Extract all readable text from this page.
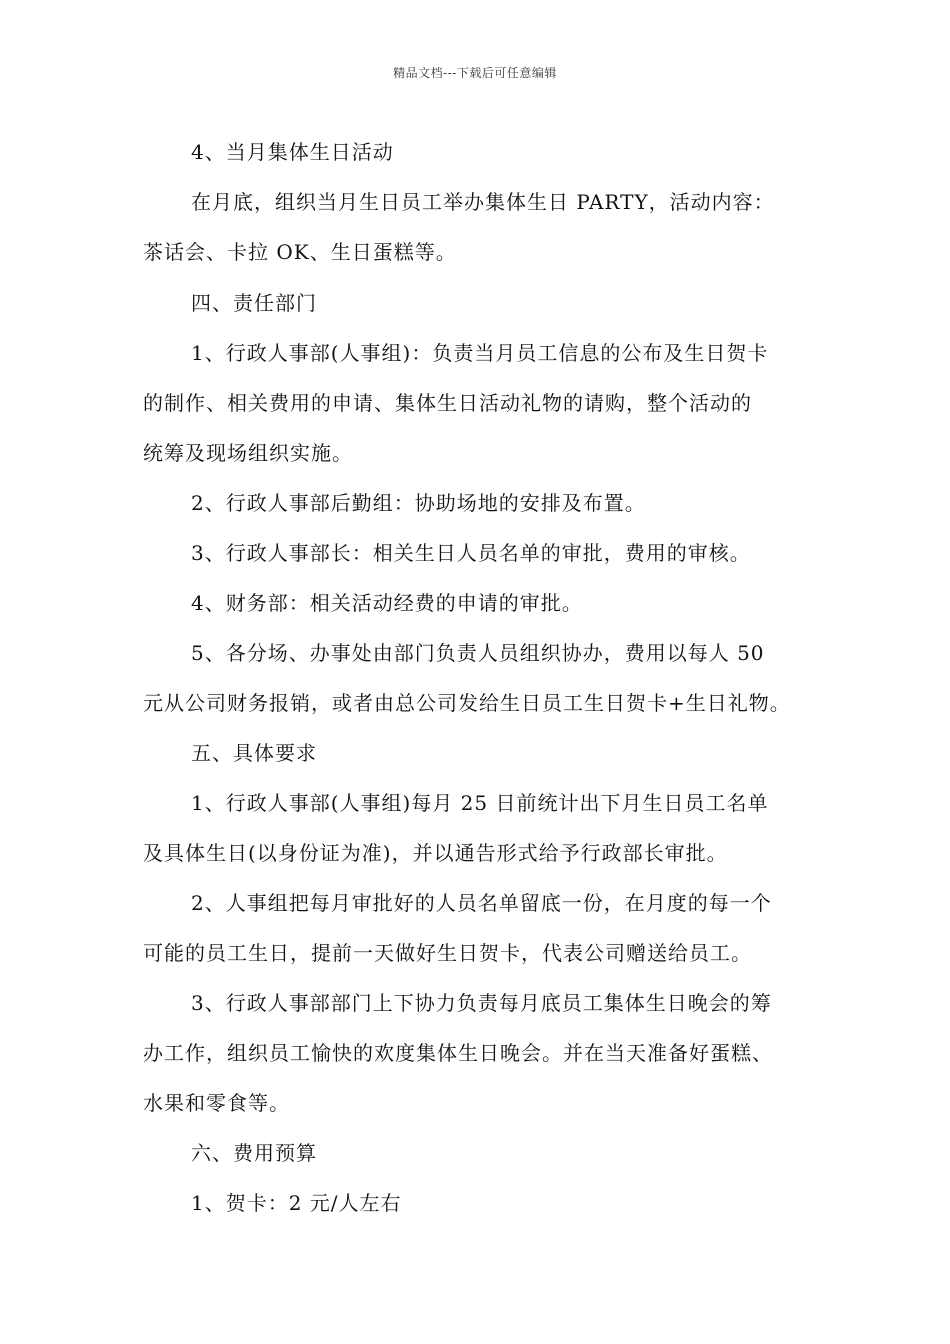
精品文档---下载后可任意编辑
4、当月集体生日活动
在月底，组织当月生日员工举办集体生日 PARTY，活动内容：
茶话会、卡拉 OK、生日蛋糕等。
四、责任部门
1、行政人事部(人事组)：负责当月员工信息的公布及生日贺卡
的制作、相关费用的申请、集体生日活动礼物的请购，整个活动的
统筹及现场组织实施。
2、行政人事部后勤组：协助场地的安排及布置。
3、行政人事部长：相关生日人员名单的审批，费用的审核。
4、财务部：相关活动经费的申请的审批。
5、各分场、办事处由部门负责人员组织协办，费用以每人 50
元从公司财务报销，或者由总公司发给生日员工生日贺卡+生日礼物。
五、具体要求
1、行政人事部(人事组)每月 25 日前统计出下月生日员工名单
及具体生日(以身份证为准)，并以通告形式给予行政部长审批。
2、人事组把每月审批好的人员名单留底一份，在月度的每一个
可能的员工生日，提前一天做好生日贺卡，代表公司赠送给员工。
3、行政人事部部门上下协力负责每月底员工集体生日晚会的筹
办工作，组织员工愉快的欢度集体生日晚会。并在当天准备好蛋糕、
水果和零食等。
六、费用预算
1、贺卡：2 元/人左右
